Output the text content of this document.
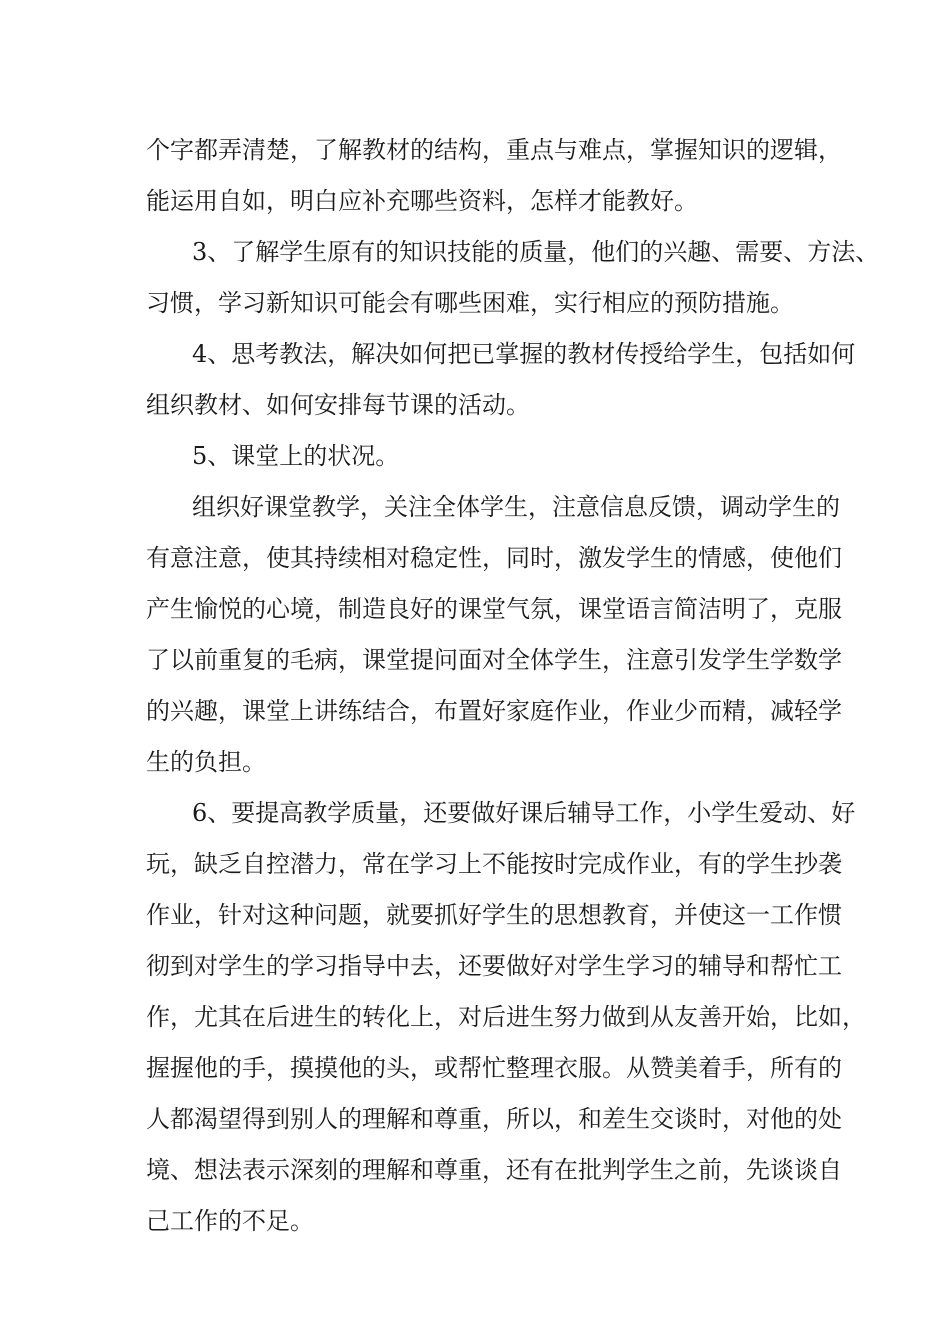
个字都弄清楚，了解教材的结构，重点与难点，掌握知识的逻辑，
能运用自如，明白应补充哪些资料，怎样才能教好。
3、了解学生原有的知识技能的质量，他们的兴趣、需要、方法、
习惯，学习新知识可能会有哪些困难，实行相应的预防措施。
4、思考教法，解决如何把已掌握的教材传授给学生，包括如何
组织教材、如何安排每节课的活动。
5、课堂上的状况。
组织好课堂教学，关注全体学生，注意信息反馈，调动学生的
有意注意，使其持续相对稳定性，同时，激发学生的情感，使他们
产生愉悦的心境，制造良好的课堂气氛，课堂语言简洁明了，克服
了以前重复的毛病，课堂提问面对全体学生，注意引发学生学数学
的兴趣，课堂上讲练结合，布置好家庭作业，作业少而精，减轻学
生的负担。
6、要提高教学质量，还要做好课后辅导工作，小学生爱动、好
玩，缺乏自控潜力，常在学习上不能按时完成作业，有的学生抄袭
作业，针对这种问题，就要抓好学生的思想教育，并使这一工作惯
彻到对学生的学习指导中去，还要做好对学生学习的辅导和帮忙工
作，尤其在后进生的转化上，对后进生努力做到从友善开始，比如，
握握他的手，摸摸他的头，或帮忙整理衣服。从赞美着手，所有的
人都渴望得到别人的理解和尊重，所以，和差生交谈时，对他的处
境、想法表示深刻的理解和尊重，还有在批判学生之前，先谈谈自
己工作的不足。
